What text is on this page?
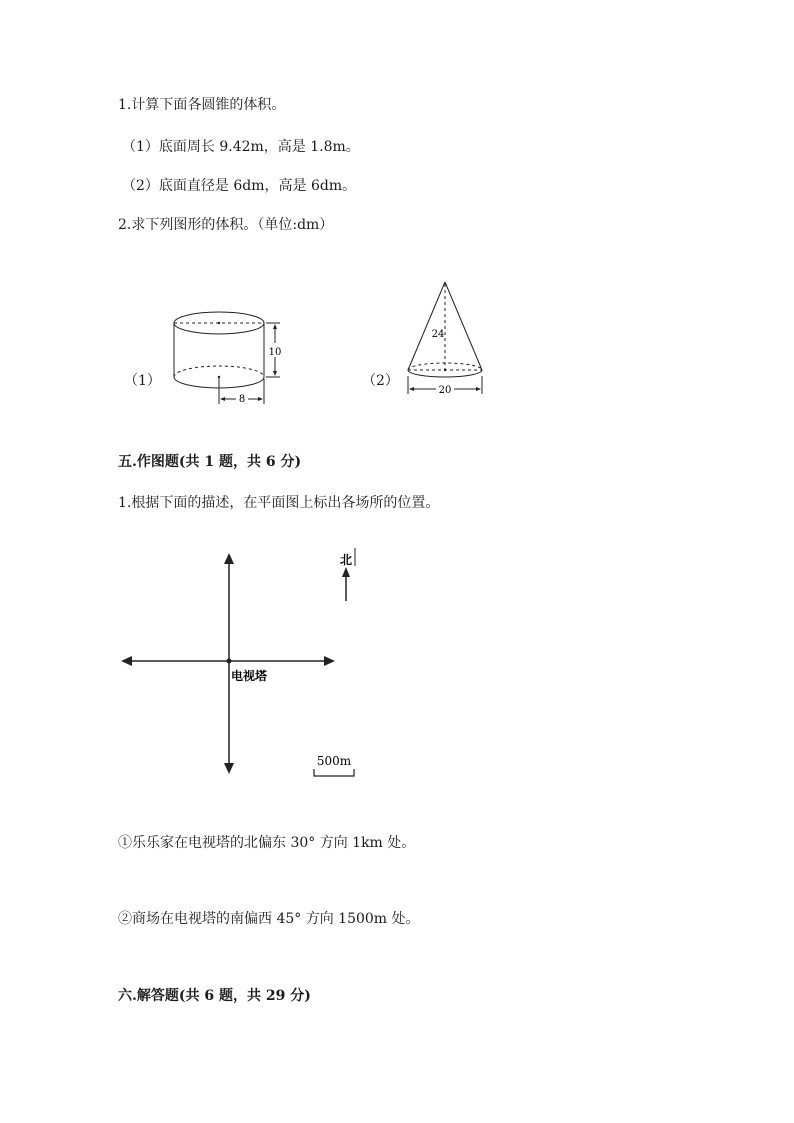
1.计算下面各圆锥的体积。
（1）底面周长 9.42m，高是 1.8m。
（2）底面直径是 6dm，高是 6dm。
2.求下列图形的体积。（单位:dm）
（1）
10
8
（2）
24
20
五.作图题(共 1 题，共 6 分)
1.根据下面的描述，在平面图上标出各场所的位置。
电视塔
北
500m
①乐乐家在电视塔的北偏东 30° 方向 1km 处。
②商场在电视塔的南偏西 45° 方向 1500m 处。
六.解答题(共 6 题，共 29 分)
